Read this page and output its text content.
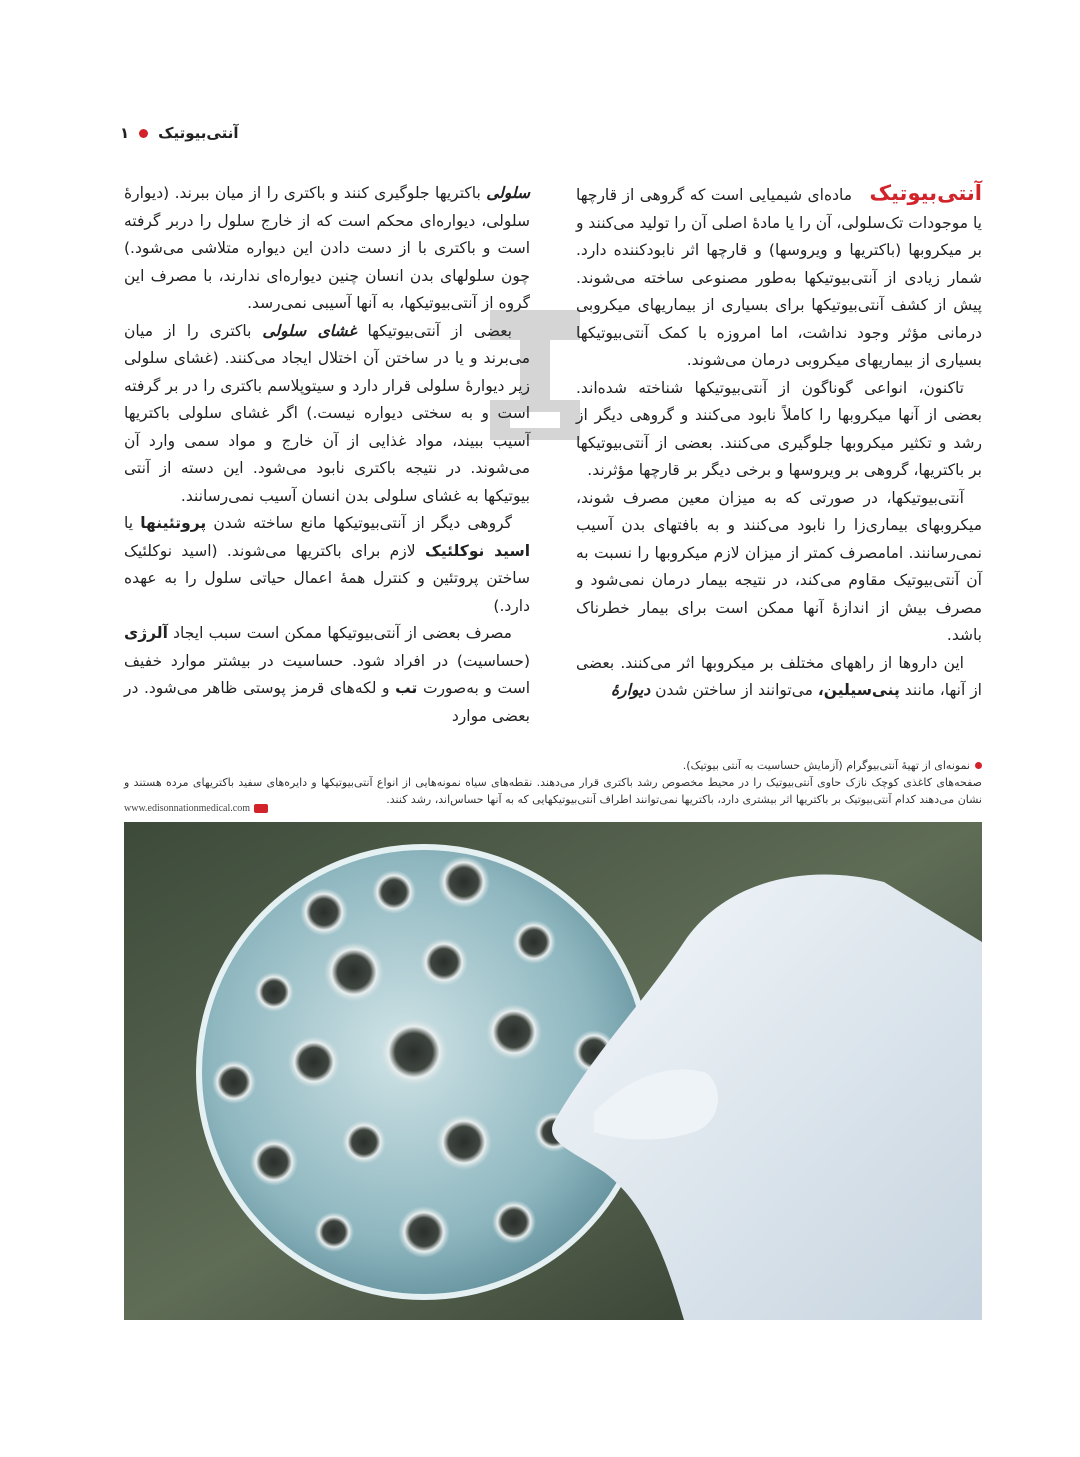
۱ آنتی‌بیوتیک

آنتی‌بیوتیک ماده‌ای شیمیایی است که گروهی از قارچها یا موجودات تک‌سلولی، آن را یا مادهٔ اصلی آن را تولید می‌کنند و بر میکروبها (باکتریها و ویروسها) و قارچها اثر نابودکننده دارد. شمار زیادی از آنتی‌بیوتیکها به‌طور مصنوعی ساخته می‌شوند. پیش از کشف آنتی‌بیوتیکها برای بسیاری از بیماریهای میکروبی درمانی مؤثر وجود نداشت، اما امروزه با کمک آنتی‌بیوتیکها بسیاری از بیماریهای میکروبی درمان می‌شوند.

تاکنون، انواعی گوناگون از آنتی‌بیوتیکها شناخته شده‌اند. بعضی از آنها میکروبها را کاملاً نابود می‌کنند و گروهی دیگر از رشد و تکثیر میکروبها جلوگیری می‌کنند. بعضی از آنتی‌بیوتیکها بر باکتریها، گروهی بر ویروسها و برخی دیگر بر قارچها مؤثرند.

آنتی‌بیوتیکها، در صورتی که به میزان معین مصرف شوند، میکروبهای بیماری‌زا را نابود می‌کنند و به بافتهای بدن آسیب نمی‌رسانند. امامصرف کمتر از میزان لازم میکروبها را نسبت به آن آنتی‌بیوتیک مقاوم می‌کند، در نتیجه بیمار درمان نمی‌شود و مصرف بیش از اندازهٔ آنها ممکن است برای بیمار خطرناک باشد.

این داروها از راههای مختلف بر میکروبها اثر می‌کنند. بعضی از آنها، مانند پنی‌سیلین، می‌توانند از ساختن شدن دیوارهٔ

سلولی باکتریها جلوگیری کنند و باکتری را از میان ببرند. (دیوارهٔ سلولی، دیواره‌ای محکم است که از خارج سلول را دربر گرفته است و باکتری با از دست دادن این دیواره متلاشی می‌شود.) چون سلولهای بدن انسان چنین دیواره‌ای ندارند، با مصرف این گروه از آنتی‌بیوتیکها، به آنها آسیبی نمی‌رسد.

بعضی از آنتی‌بیوتیکها غشای سلولی باکتری را از میان می‌برند و یا در ساختن آن اختلال ایجاد می‌کنند. (غشای سلولی زیر دیوارهٔ سلولی قرار دارد و سیتوپلاسم باکتری را در بر گرفته است و به سختی دیواره نیست.) اگر غشای سلولی باکتریها آسیب ببیند، مواد غذایی از آن خارج و مواد سمی وارد آن می‌شوند. در نتیجه باکتری نابود می‌شود. این دسته از آنتی بیوتیکها به غشای سلولی بدن انسان آسیب نمی‌رسانند.

گروهی دیگر از آنتی‌بیوتیکها مانع ساخته شدن پروتئینها یا اسید نوکلئیک لازم برای باکتریها می‌شوند. (اسید نوکلئیک ساختن پروتئین و کنترل همهٔ اعمال حیاتی سلول را به عهده دارد.)

مصرف بعضی از آنتی‌بیوتیکها ممکن است سبب ایجاد آلرژی (حساسیت) در افراد شود. حساسیت در بیشتر موارد خفیف است و به‌صورت تب و لکه‌های قرمز پوستی ظاهر می‌شود. در بعضی موارد

نمونه‌ای از تهیهٔ آنتی‌بیوگرام (آزمایش حساسیت به آنتی بیوتیک).
صفحه‌های کاغذی کوچک نازک حاوی آنتی‌بیوتیک را در محیط مخصوص رشد باکتری قرار می‌دهند. نقطه‌های سیاه نمونه‌هایی از انواع آنتی‌بیوتیکها و دایره‌های سفید باکتریهای مرده هستند و نشان می‌دهند کدام آنتی‌بیوتیک بر باکتریها اثر بیشتری دارد، باکتریها نمی‌توانند اطراف آنتی‌بیوتیکهایی که به آنها حساس‌اند، رشد کنند.
www.edisonnationmedical.com
